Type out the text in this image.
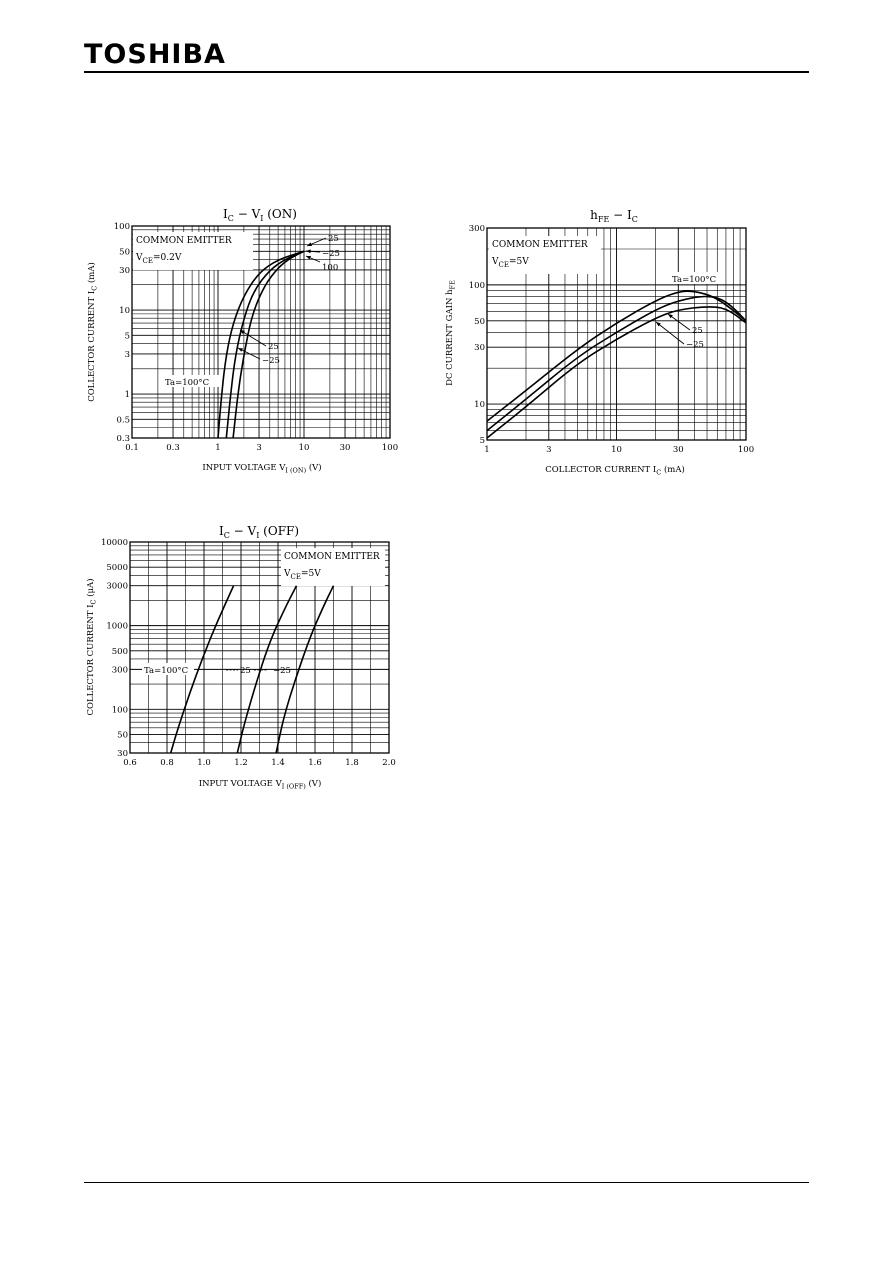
TOSHIBA
COMMON EMITTER
$V_{CE}=0.2V$
0.1	0.3	1	3	10	30	100
0.3
0.5
1
3
5
10
30
50
100
$I_C - V_I$ (ON)
INPUT VOLTAGE $V_{I (ON)}$ (V)
COLLECTOR CURRENT $I_C$ (mA)
Ta=100°C
25
−25
25
−25
100
COMMON EMITTER
$V_{CE}=5V$
1	3	10	30	100
5
10
30
50
100
300
$h_{FE} - I_C$
COLLECTOR CURRENT $I_C$ (mA)
DC CURRENT GAIN $h_{FE}$	Ta=100°C
25
−25
COMMON EMITTER
$V_{CE}=5V$
0.6	0.8	1.0	1.2	1.4	1.6	1.8	2.0
30
50
100
300
500
1000
3000
5000
10000
$I_C - V_I$ (OFF)
INPUT VOLTAGE $V_{I (OFF)}$ (V)
COLLECTOR CURRENT $I_C$ (μA)
Ta=100°C	25	−25
